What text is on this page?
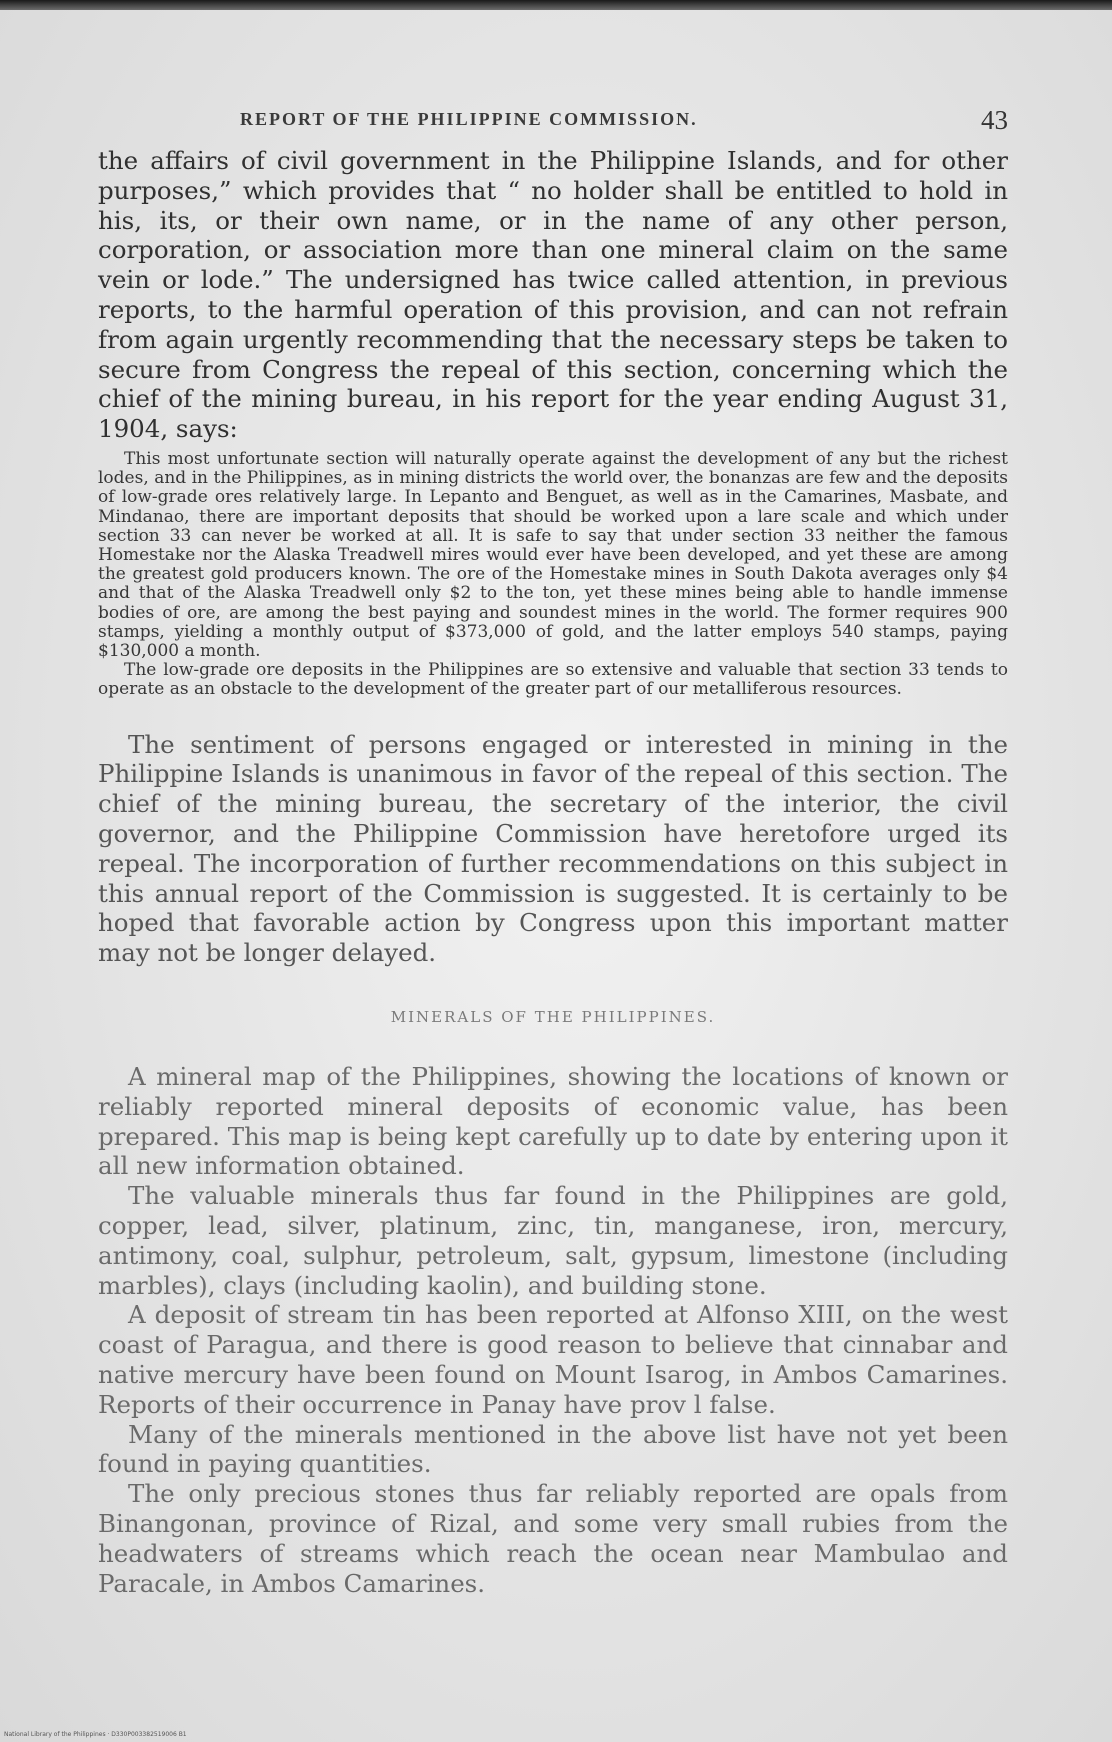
REPORT OF THE PHILIPPINE COMMISSION.	43

the affairs of civil government in the Philippine Islands, and for other purposes,” which provides that “ no holder shall be entitled to hold in his, its, or their own name, or in the name of any other person, corporation, or association more than one mineral claim on the same vein or lode.” The undersigned has twice called attention, in previous reports, to the harmful operation of this provision, and can not refrain from again urgently recommending that the necessary steps be taken to secure from Congress the repeal of this section, concerning which the chief of the mining bureau, in his report for the year ending August 31, 1904, says:

This most unfortunate section will naturally operate against the development of any but the richest lodes, and in the Philippines, as in mining districts the world over, the bonanzas are few and the deposits of low-grade ores relatively large. In Lepanto and Benguet, as well as in the Camarines, Masbate, and Mindanao, there are important deposits that should be worked upon a lare scale and which under section 33 can never be worked at all. It is safe to say that under section 33 neither the famous Homestake nor the Alaska Treadwell mires would ever have been developed, and yet these are among the greatest gold producers known. The ore of the Homestake mines in South Dakota averages only $4 and that of the Alaska Treadwell only $2 to the ton, yet these mines being able to handle immense bodies of ore, are among the best paying and soundest mines in the world. The former requires 900 stamps, yielding a monthly output of $373,000 of gold, and the latter employs 540 stamps, paying $130,000 a month.

The low-grade ore deposits in the Philippines are so extensive and valuable that section 33 tends to operate as an obstacle to the development of the greater part of our metalliferous resources.

The sentiment of persons engaged or interested in mining in the Philippine Islands is unanimous in favor of the repeal of this section. The chief of the mining bureau, the secretary of the interior, the civil governor, and the Philippine Commission have heretofore urged its repeal. The incorporation of further recommendations on this subject in this annual report of the Commission is suggested. It is certainly to be hoped that favorable action by Congress upon this important matter may not be longer delayed.

MINERALS OF THE PHILIPPINES.

A mineral map of the Philippines, showing the locations of known or reliably reported mineral deposits of economic value, has been prepared. This map is being kept carefully up to date by entering upon it all new information obtained.

The valuable minerals thus far found in the Philippines are gold, copper, lead, silver, platinum, zinc, tin, manganese, iron, mercury, antimony, coal, sulphur, petroleum, salt, gypsum, limestone (including marbles), clays (including kaolin), and building stone.

A deposit of stream tin has been reported at Alfonso XIII, on the west coast of Paragua, and there is good reason to believe that cinnabar and native mercury have been found on Mount Isarog, in Ambos Camarines. Reports of their occurrence in Panay have prov l false.

Many of the minerals mentioned in the above list have not yet been found in paying quantities.

The only precious stones thus far reliably reported are opals from Binangonan, province of Rizal, and some very small rubies from the headwaters of streams which reach the ocean near Mambulao and Paracale, in Ambos Camarines.

National Library of the Philippines · D330P003382519006 B1
